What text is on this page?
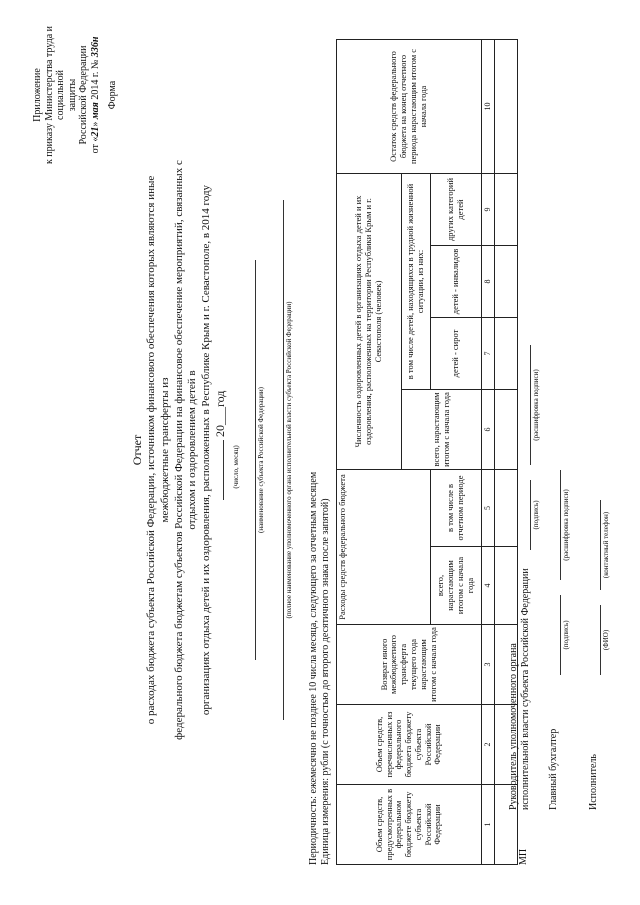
Приложение к приказу Министерства труда и социальной защиты Российской Федерации
от «21» мая 2014 г. № 336н
Форма
Отчет о расходах бюджета субъекта Российской Федерации, источником финансового обеспечения которых являются иные межбюджетные трансферты из федерального бюджета бюджетам субъектов Российской Федерации на финансовое обеспечение мероприятий, связанных с отдыхом и оздоровлением детей в организациях отдыха детей и их оздоровления, расположенных в Республике Крым и г. Севастополе, в 2014 году 20___год
(число, месяц) (наименование субъекта Российской Федерации)	(полное наименование уполномоченного органа исполнительной власти субъекта Российской Федерации)
Периодичность: ежемесячно не позднее 10 числа месяца, следующего за отчетным месяцем Единица измерения: рубли (с точностью до второго десятичного знака после запятой)	Объем средств, предусмотренных в федеральном бюджете бюджету субъекта Российской Федерации	Объем средств, перечисленных из федерального бюджета бюджету субъекта Российской Федерации	Возврат иного межбюджетного трансферта текущего года нарастающим итогом с начала года	Расходы средств федерального бюджета		Численность оздоровленных детей в организациях отдыха детей и их оздоровления, расположенных на территории Республики Крым и г. Севастополя (человек)				Остаток средств федерального бюджета на конец отчетного периода нарастающим итогом с начала года
					всего, нарастающим итогом с начала года	в том числе детей, находящихся в трудной жизненной ситуации, из них:			
			всего, нарастающим итогом с начала года	в том числе в отчетном периоде		детей - сирот	детей - инвалидов	других категорий детей	
1	2	3	4	5	6	7	8	9	10

МП
Руководитель уполномоченного органа исполнительной власти субъекта Российской Федерации
(подпись)
(расшифровка подписи)
Главный бухгалтер
(подпись)
(расшифровка подписи)
Исполнитель
(ФИО)
(контактный телефон)
